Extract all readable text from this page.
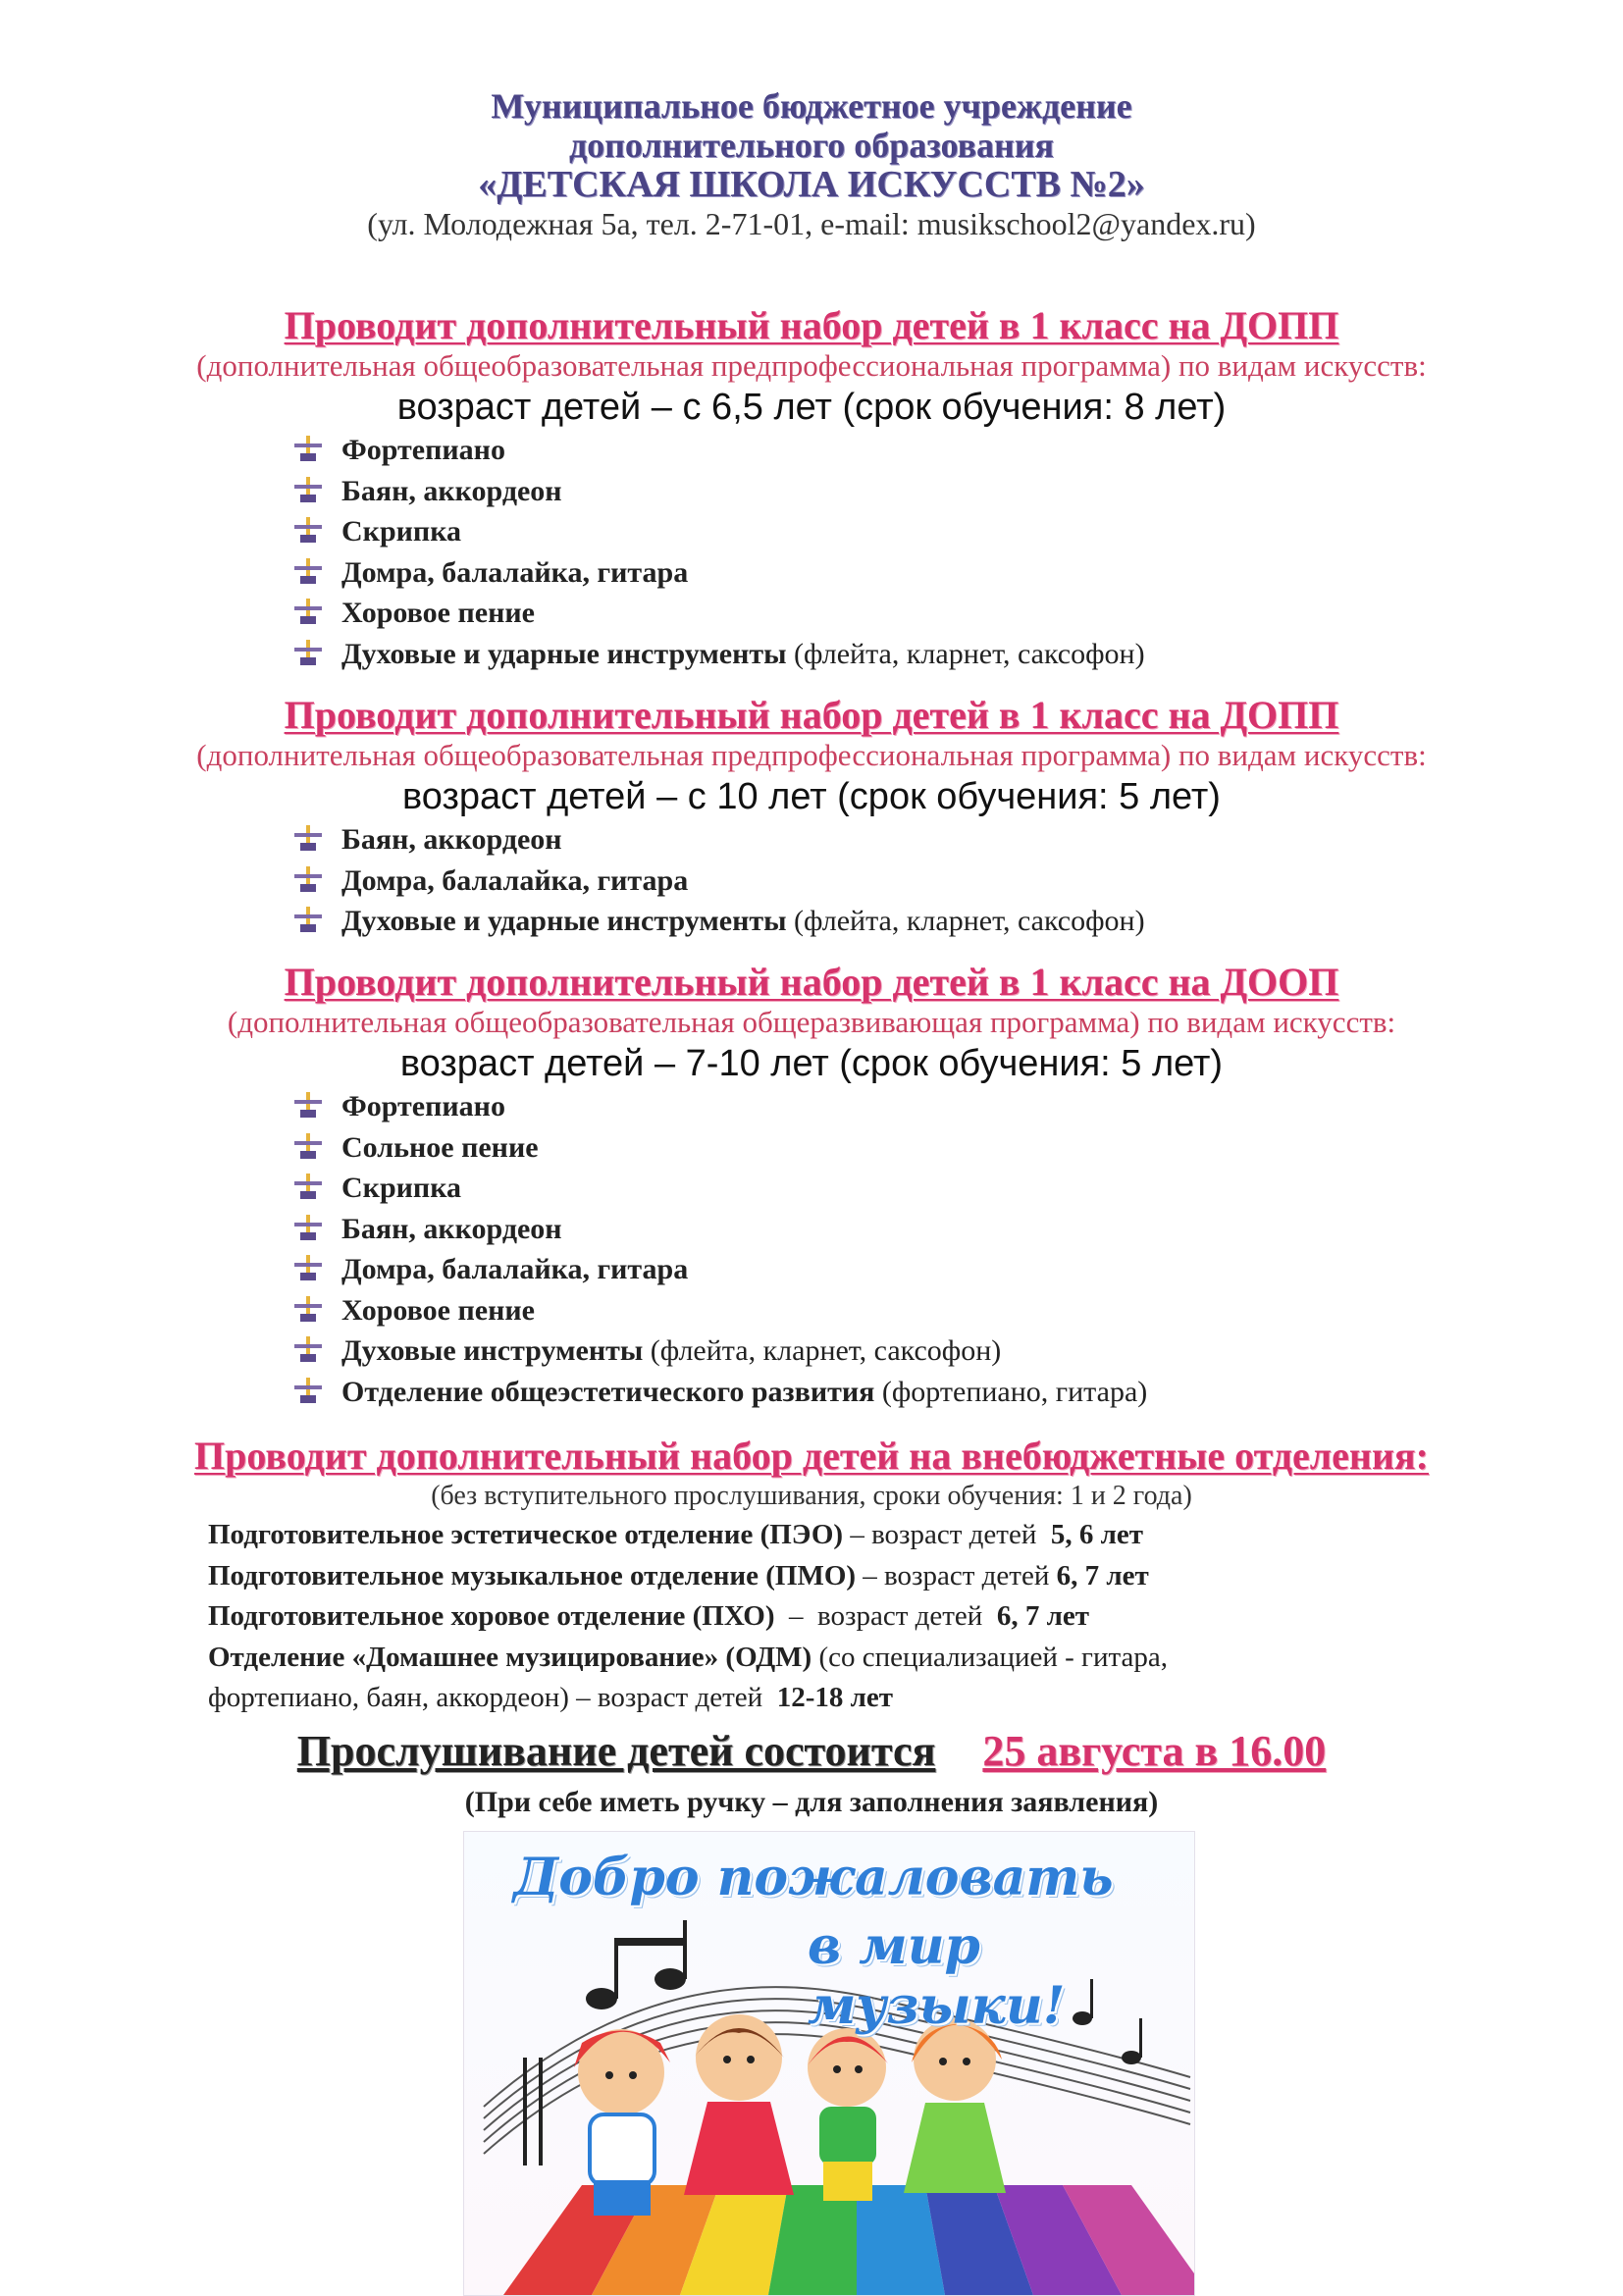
Муниципальное бюджетное учреждение
дополнительного образования
«ДЕТСКАЯ ШКОЛА ИСКУССТВ №2»
(ул. Молодежная 5а, тел. 2-71-01, e-mail: musikschool2@yandex.ru)
Проводит дополнительный набор детей в 1 класс на ДОПП
(дополнительная общеобразовательная предпрофессиональная программа) по видам искусств:
возраст детей – с 6,5 лет (срок обучения: 8 лет)
Фортепиано
Баян, аккордеон
Скрипка
Домра, балалайка, гитара
Хоровое пение
Духовые и ударные инструменты (флейта, кларнет, саксофон)
Проводит дополнительный набор детей в 1 класс на ДОПП
(дополнительная общеобразовательная предпрофессиональная программа) по видам искусств:
возраст детей – с 10 лет (срок обучения: 5 лет)
Баян, аккордеон
Домра, балалайка, гитара
Духовые и ударные инструменты (флейта, кларнет, саксофон)
Проводит дополнительный набор детей в 1 класс на ДООП
(дополнительная общеобразовательная общеразвивающая программа) по видам искусств:
возраст детей – 7-10 лет (срок обучения: 5 лет)
Фортепиано
Сольное пение
Скрипка
Баян, аккордеон
Домра, балалайка, гитара
Хоровое пение
Духовые инструменты (флейта, кларнет, саксофон)
Отделение общеэстетического развития (фортепиано, гитара)
Проводит дополнительный набор детей на внебюджетные отделения:
(без вступительного прослушивания, сроки обучения: 1 и 2 года)
Подготовительное эстетическое отделение (ПЭО) – возраст детей  5, 6 лет
Подготовительное музыкальное отделение (ПМО) – возраст детей 6, 7 лет
Подготовительное хоровое отделение (ПХО)  –  возраст детей  6, 7 лет
Отделение «Домашнее музицирование» (ОДМ) (со специализацией - гитара,
фортепиано, баян, аккордеон) – возраст детей  12-18 лет
Прослушивание детей состоится 25 августа в 16.00
(При себе иметь ручку – для заполнения заявления)
Добро пожаловать
в мир музыки!
